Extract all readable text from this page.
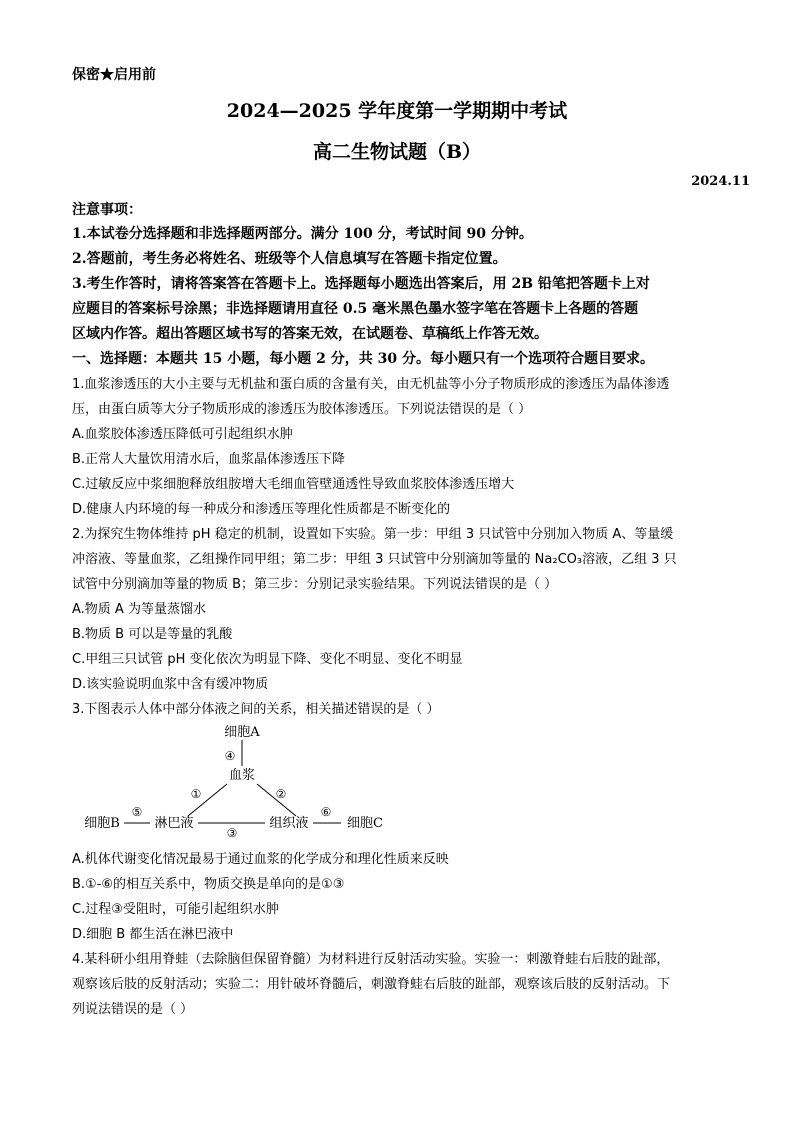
保密★启用前
2024—2025 学年度第一学期期中考试
高二生物试题（B）
2024.11
注意事项：
1.本试卷分选择题和非选择题两部分。满分 100 分，考试时间 90 分钟。
2.答题前，考生务必将姓名、班级等个人信息填写在答题卡指定位置。
3.考生作答时，请将答案答在答题卡上。选择题每小题选出答案后，用 2B 铅笔把答题卡上对
应题目的答案标号涂黑；非选择题请用直径 0.5 毫米黑色墨水签字笔在答题卡上各题的答题
区域内作答。超出答题区域书写的答案无效，在试题卷、草稿纸上作答无效。
一、选择题：本题共 15 小题，每小题 2 分，共 30 分。每小题只有一个选项符合题目要求。
1.血浆渗透压的大小主要与无机盐和蛋白质的含量有关，由无机盐等小分子物质形成的渗透压为晶体渗透
压，由蛋白质等大分子物质形成的渗透压为胶体渗透压。下列说法错误的是（ ）
A.血浆胶体渗透压降低可引起组织水肿
B.正常人大量饮用清水后，血浆晶体渗透压下降
C.过敏反应中浆细胞释放组胺增大毛细血管壁通透性导致血浆胶体渗透压增大
D.健康人内环境的每一种成分和渗透压等理化性质都是不断变化的
2.为探究生物体维持 pH 稳定的机制，设置如下实验。第一步：甲组 3 只试管中分别加入物质 A、等量缓
冲溶液、等量血浆，乙组操作同甲组；第二步：甲组 3 只试管中分别滴加等量的 Na₂CO₃溶液，乙组 3 只
试管中分别滴加等量的物质 B；第三步：分别记录实验结果。下列说法错误的是（ ）
A.物质 A 为等量蒸馏水
B.物质 B 可以是等量的乳酸
C.甲组三只试管 pH 变化依次为明显下降、变化不明显、变化不明显
D.该实验说明血浆中含有缓冲物质
3.下图表示人体中部分体液之间的关系，相关描述错误的是（ ）
细胞A
血浆
细胞B	淋巴液	组织液	细胞C
④
①	②
⑤	⑥
③
A.机体代谢变化情况最易于通过血浆的化学成分和理化性质来反映
B.①-⑥的相互关系中，物质交换是单向的是①③
C.过程③受阻时，可能引起组织水肿
D.细胞 B 都生活在淋巴液中
4.某科研小组用脊蛙（去除脑但保留脊髓）为材料进行反射活动实验。实验一：刺激脊蛙右后肢的趾部，
观察该后肢的反射活动；实验二：用针破坏脊髓后，刺激脊蛙右后肢的趾部，观察该后肢的反射活动。下
列说法错误的是（ ）
